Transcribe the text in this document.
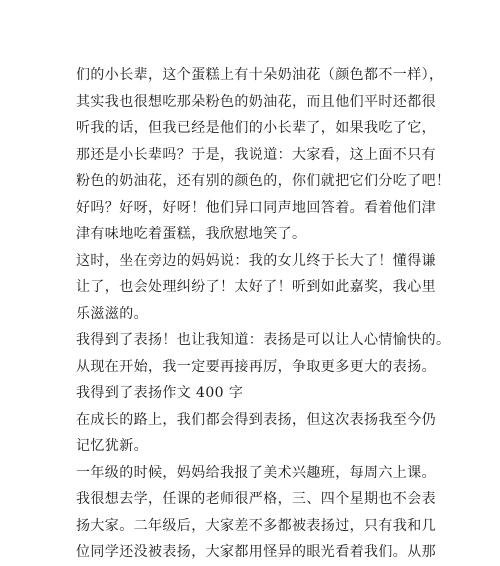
们的小长辈，这个蛋糕上有十朵奶油花（颜色都不一样），
其实我也很想吃那朵粉色的奶油花，而且他们平时还都很
听我的话，但我已经是他们的小长辈了，如果我吃了它，
那还是小长辈吗？于是，我说道：大家看，这上面不只有
粉色的奶油花，还有别的颜色的，你们就把它们分吃了吧！
好吗？好呀，好呀！他们异口同声地回答着。看着他们津
津有味地吃着蛋糕，我欣慰地笑了。
这时，坐在旁边的妈妈说：我的女儿终于长大了！懂得谦
让了，也会处理纠纷了！太好了！听到如此嘉奖，我心里
乐滋滋的。
我得到了表扬！也让我知道：表扬是可以让人心情愉快的。
从现在开始，我一定要再接再厉，争取更多更大的表扬。
我得到了表扬作文 400 字
在成长的路上，我们都会得到表扬，但这次表扬我至今仍
记忆犹新。
一年级的时候，妈妈给我报了美术兴趣班，每周六上课。
我很想去学，任课的老师很严格，三、四个星期也不会表
扬大家。二年级后，大家差不多都被表扬过，只有我和几
位同学还没被表扬，大家都用怪异的眼光看着我们。从那
